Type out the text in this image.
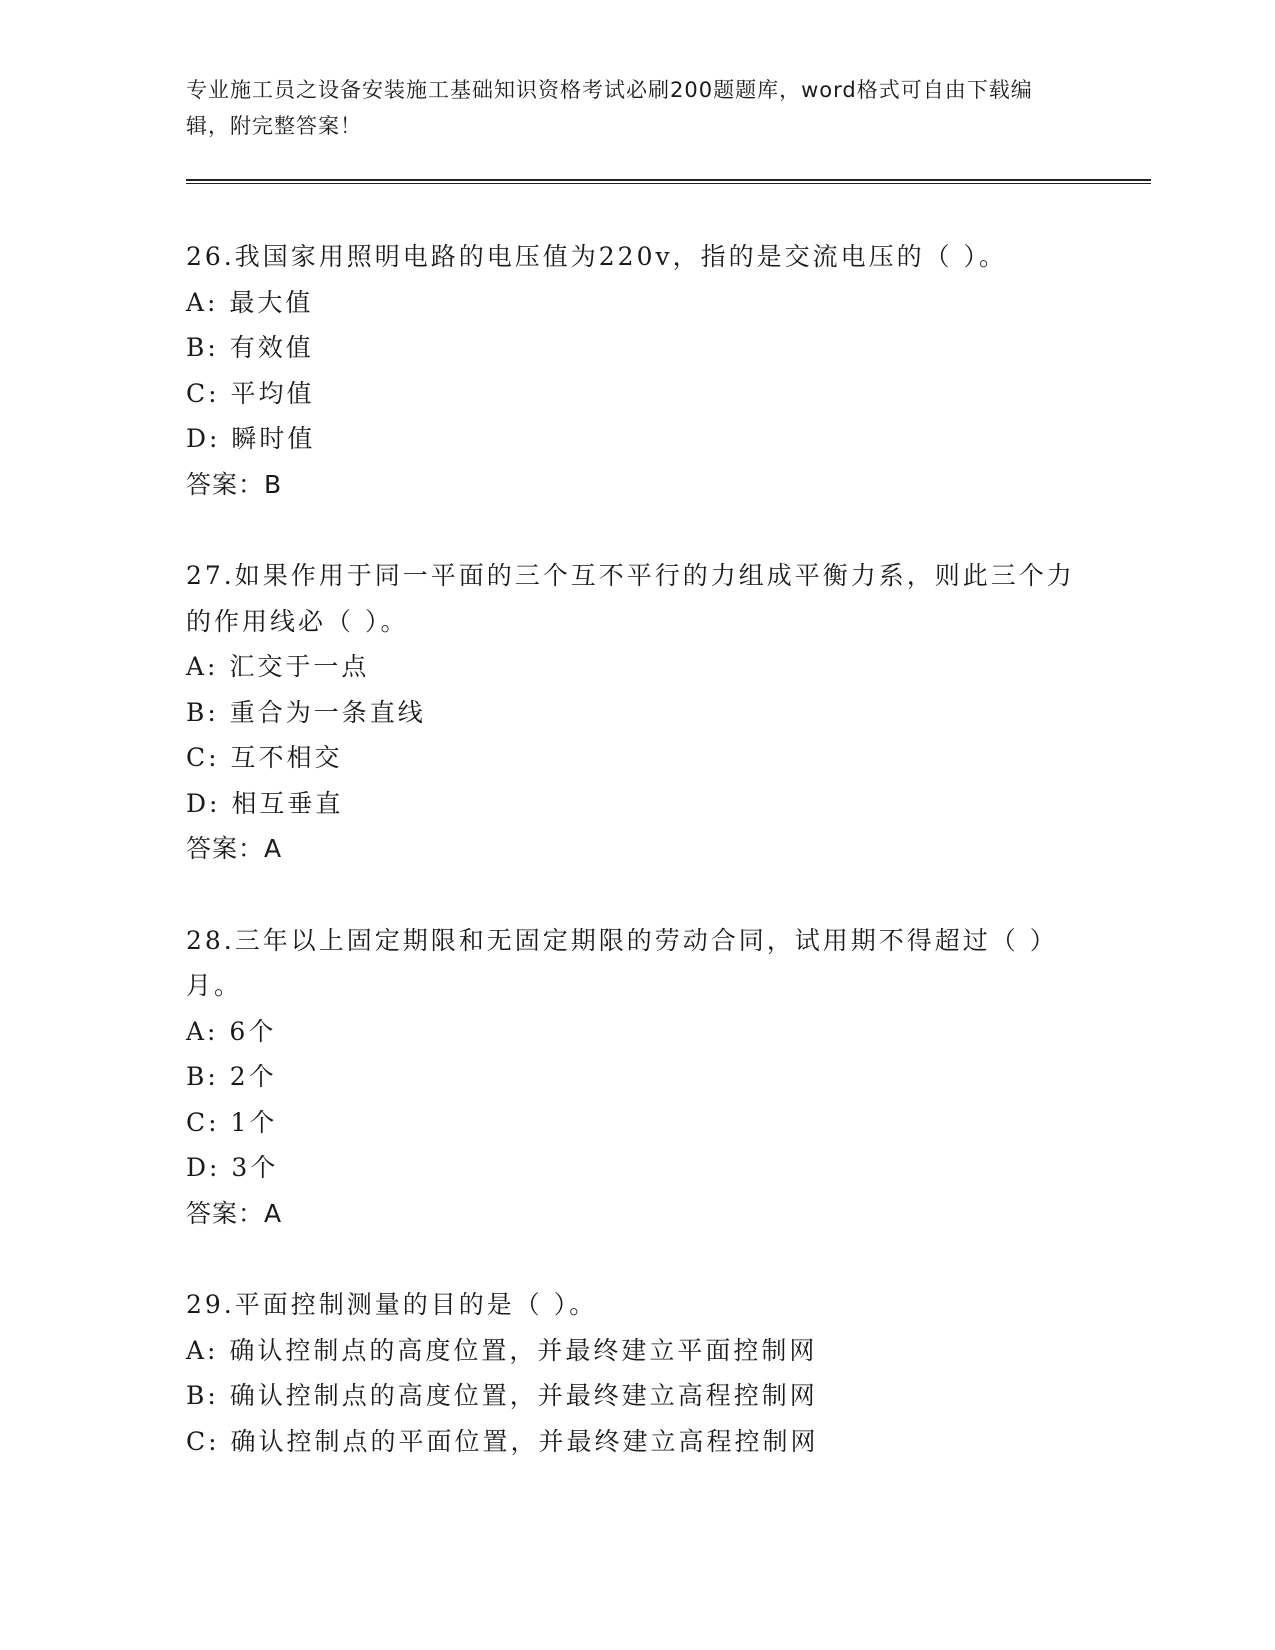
专业施工员之设备安装施工基础知识资格考试必刷200题题库，word格式可自由下载编辑，附完整答案！

26.我国家用照明电路的电压值为220v，指的是交流电压的（ ）。

A: 最大值

B: 有效值

C: 平均值

D: 瞬时值

答案：B

27.如果作用于同一平面的三个互不平行的力组成平衡力系，则此三个力的作用线必（ ）。

A: 汇交于一点

B: 重合为一条直线

C: 互不相交

D: 相互垂直

答案：A

28.三年以上固定期限和无固定期限的劳动合同，试用期不得超过（ ）月。

A: 6个

B: 2个

C: 1个

D: 3个

答案：A

29.平面控制测量的目的是（ ）。

A: 确认控制点的高度位置，并最终建立平面控制网

B: 确认控制点的高度位置，并最终建立高程控制网

C: 确认控制点的平面位置，并最终建立高程控制网
